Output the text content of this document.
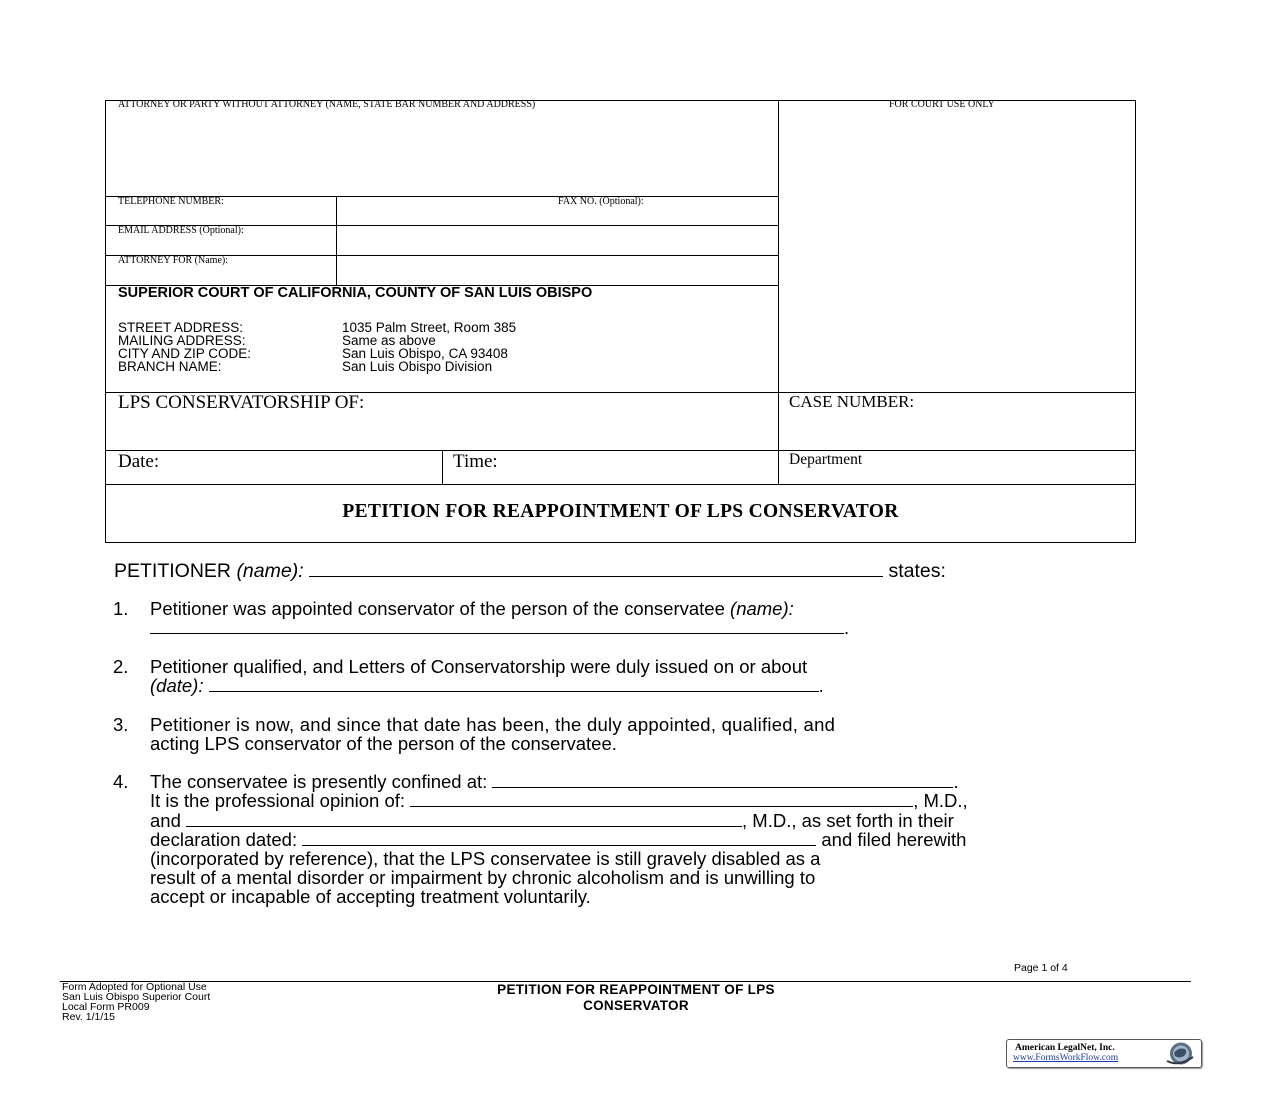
ATTORNEY OR PARTY WITHOUT ATTORNEY (NAME, STATE BAR NUMBER AND ADDRESS)	FOR COURT USE ONLY
TELEPHONE NUMBER:	FAX NO. (Optional):
EMAIL ADDRESS (Optional):
ATTORNEY FOR (Name):
SUPERIOR COURT OF CALIFORNIA, COUNTY OF SAN LUIS OBISPO
STREET ADDRESS:	1035 Palm Street, Room 385
MAILING ADDRESS:	Same as above
CITY AND ZIP CODE:	San Luis Obispo, CA 93408
BRANCH NAME:	San Luis Obispo Division
LPS CONSERVATORSHIP OF:	CASE NUMBER:
Date:	Time:	Department
PETITION FOR REAPPOINTMENT OF LPS CONSERVATOR
PETITIONER (name):	states:
1. Petitioner was appointed conservator of the person of the conservatee (name):
.
2. Petitioner qualified, and Letters of Conservatorship were duly issued on or about
(date):	.
3. Petitioner is now, and since that date has been, the duly appointed, qualified, and
acting LPS conservator of the person of the conservatee.
4. The conservatee is presently confined at:	.
It is the professional opinion of:	, M.D.,
and	, M.D., as set forth in their
declaration dated:	and filed herewith
(incorporated by reference), that the LPS conservatee is still gravely disabled as a
result of a mental disorder or impairment by chronic alcoholism and is unwilling to
accept or incapable of accepting treatment voluntarily.
Page 1 of 4
Form Adopted for Optional Use
San Luis Obispo Superior Court
Local Form PR009
Rev. 1/1/15
PETITION FOR REAPPOINTMENT OF LPS
CONSERVATOR
American LegalNet, Inc.
www.FormsWorkFlow.com
